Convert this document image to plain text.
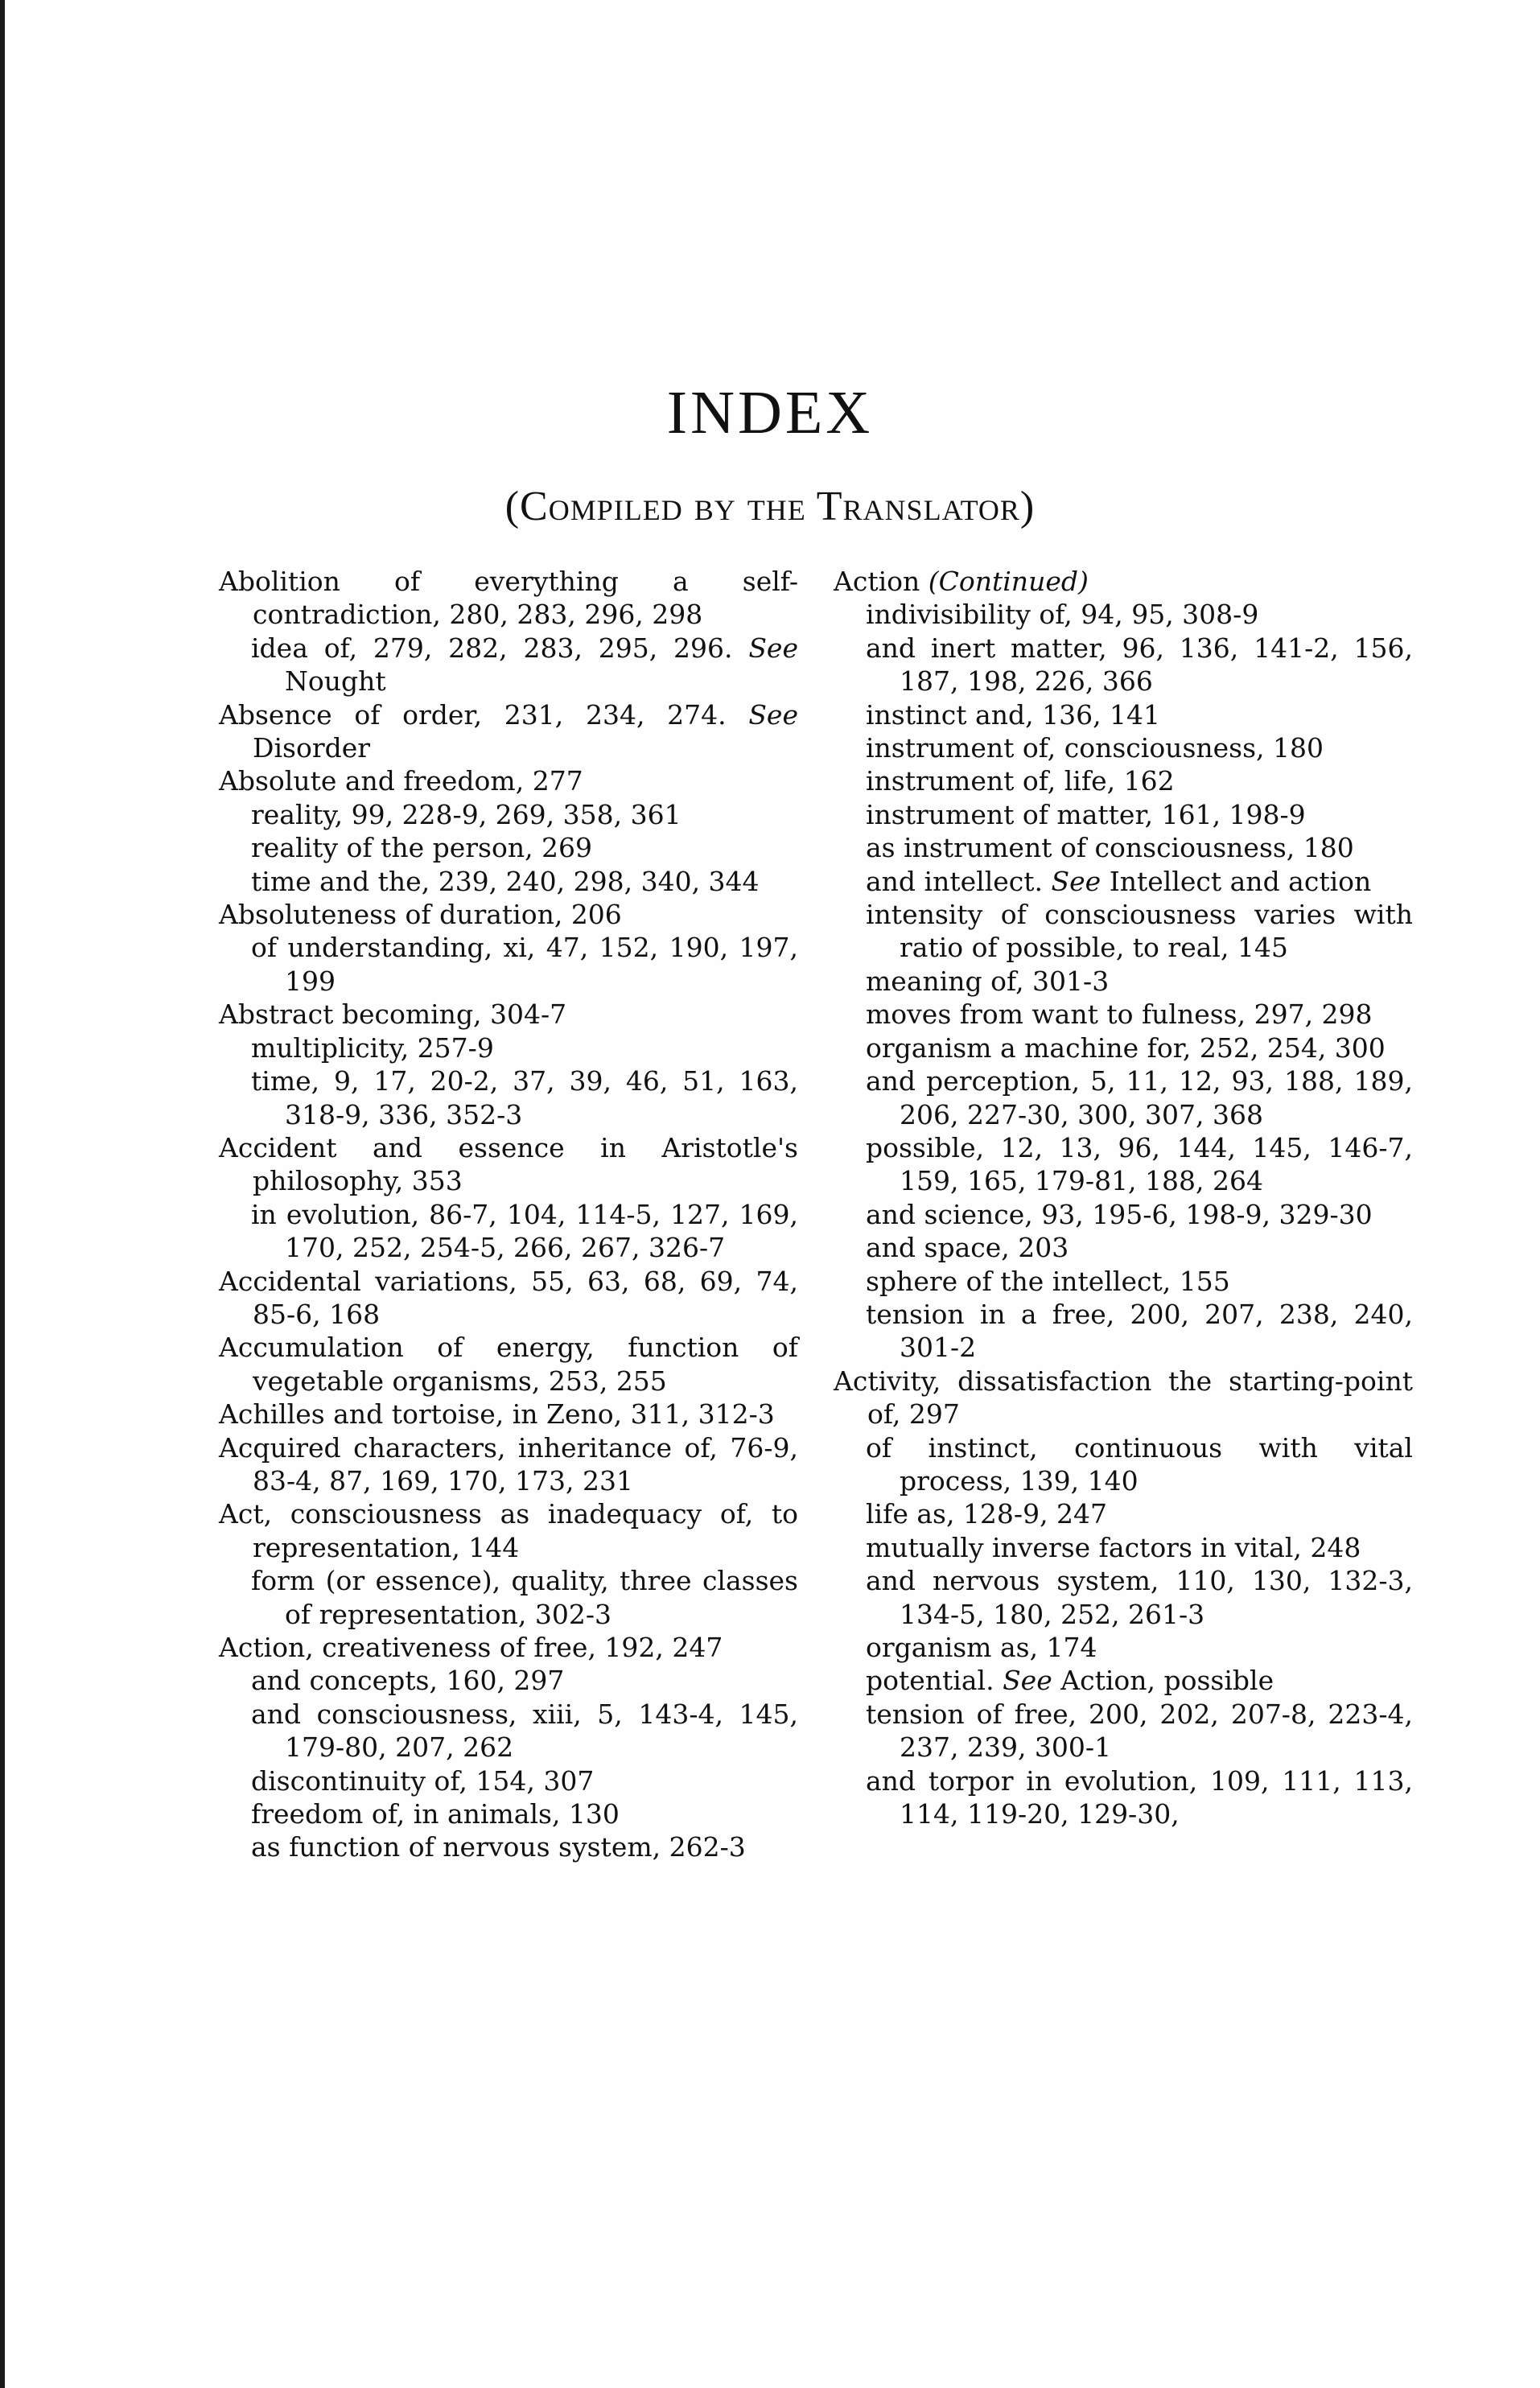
INDEX
(Compiled by the Translator)
Abolition of everything a self-contradiction, 280, 283, 296, 298
idea of, 279, 282, 283, 295, 296. See Nought
Absence of order, 231, 234, 274. See Disorder
Absolute and freedom, 277
reality, 99, 228-9, 269, 358, 361
reality of the person, 269
time and the, 239, 240, 298, 340, 344
Absoluteness of duration, 206
of understanding, xi, 47, 152, 190, 197, 199
Abstract becoming, 304-7
multiplicity, 257-9
time, 9, 17, 20-2, 37, 39, 46, 51, 163, 318-9, 336, 352-3
Accident and essence in Aristotle's philosophy, 353
in evolution, 86-7, 104, 114-5, 127, 169, 170, 252, 254-5, 266, 267, 326-7
Accidental variations, 55, 63, 68, 69, 74, 85-6, 168
Accumulation of energy, function of vegetable organisms, 253, 255
Achilles and tortoise, in Zeno, 311, 312-3
Acquired characters, inheritance of, 76-9, 83-4, 87, 169, 170, 173, 231
Act, consciousness as inadequacy of, to representation, 144
form (or essence), quality, three classes of representation, 302-3
Action, creativeness of free, 192, 247
and concepts, 160, 297
and consciousness, xiii, 5, 143-4, 145, 179-80, 207, 262
discontinuity of, 154, 307
freedom of, in animals, 130
as function of nervous system, 262-3
Action (Continued)
indivisibility of, 94, 95, 308-9
and inert matter, 96, 136, 141-2, 156, 187, 198, 226, 366
instinct and, 136, 141
instrument of, consciousness, 180
instrument of, life, 162
instrument of matter, 161, 198-9
as instrument of consciousness, 180
and intellect. See Intellect and action
intensity of consciousness varies with ratio of possible, to real, 145
meaning of, 301-3
moves from want to fulness, 297, 298
organism a machine for, 252, 254, 300
and perception, 5, 11, 12, 93, 188, 189, 206, 227-30, 300, 307, 368
possible, 12, 13, 96, 144, 145, 146-7, 159, 165, 179-81, 188, 264
and science, 93, 195-6, 198-9, 329-30
and space, 203
sphere of the intellect, 155
tension in a free, 200, 207, 238, 240, 301-2
Activity, dissatisfaction the starting-point of, 297
of instinct, continuous with vital process, 139, 140
life as, 128-9, 247
mutually inverse factors in vital, 248
and nervous system, 110, 130, 132-3, 134-5, 180, 252, 261-3
organism as, 174
potential. See Action, possible
tension of free, 200, 202, 207-8, 223-4, 237, 239, 300-1
and torpor in evolution, 109, 111, 113, 114, 119-20, 129-30,
